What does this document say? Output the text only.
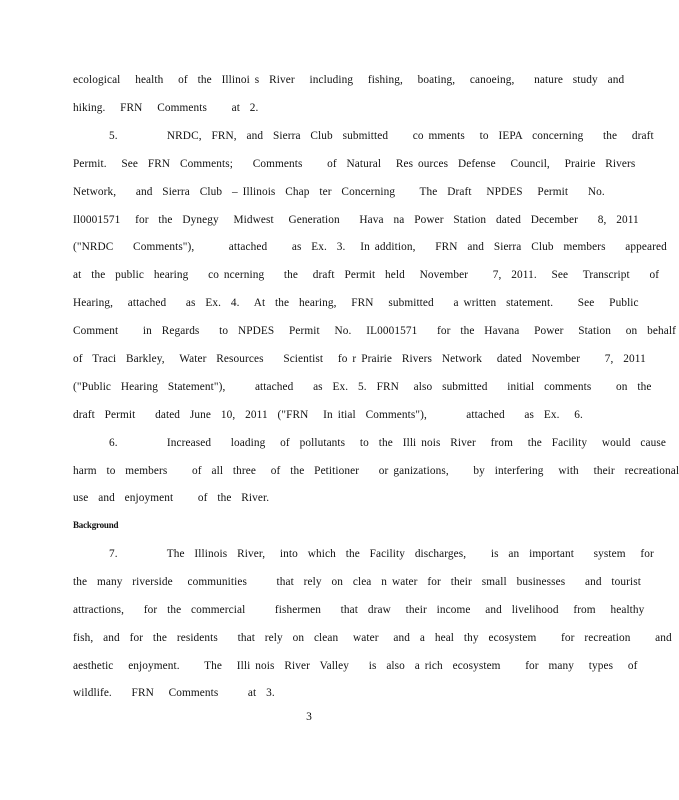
ecological   health   of  the  Illinoi s  River   including   fishing,   boating,   canoeing,    nature  study  and
hiking.   FRN   Comments     at  2.
5.          NRDC,  FRN,  and  Sierra  Club  submitted     co mments   to  IEPA  concerning    the   draft
Permit.   See  FRN  Comments;    Comments     of  Natural   Res ources  Defense   Council,   Prairie  Rivers
Network,    and  Sierra  Club  – Illinois  Chap  ter  Concerning     The  Draft   NPDES   Permit    No.
Il0001571   for  the  Dynegy   Midwest   Generation    Hava  na  Power  Station  dated  December    8,  2011
("NRDC    Comments"),       attached     as  Ex.  3.   In addition,    FRN  and  Sierra  Club  members    appeared
at  the  public  hearing    co ncerning    the   draft  Permit  held   November     7,  2011.   See   Transcript    of
Hearing,   attached    as  Ex.  4.   At  the  hearing,   FRN   submitted    a written  statement.     See   Public
Comment     in  Regards    to  NPDES   Permit   No.   IL0001571    for  the  Havana   Power   Station   on  behalf
of  Traci  Barkley,   Water  Resources    Scientist   fo r Prairie  Rivers  Network   dated  November     7,  2011
("Public  Hearing  Statement"),      attached    as  Ex.  5.  FRN   also  submitted    initial  comments     on  the
draft  Permit    dated  June  10,  2011  ("FRN   In itial  Comments"),        attached    as  Ex.   6.
6.          Increased    loading   of  pollutants   to  the  Illi nois  River   from   the  Facility   would  cause
harm  to  members     of  all  three   of  the  Petitioner    or ganizations,     by  interfering   with   their  recreational
use  and  enjoyment     of  the  River.
Background
7.          The  Illinois  River,   into  which  the  Facility  discharges,     is  an  important    system   for
the  many  riverside   communities      that  rely  on  clea  n water  for  their  small  businesses    and  tourist
attractions,    for  the  commercial      fishermen    that  draw   their  income   and  livelihood   from   healthy
fish,  and  for  the  residents    that  rely  on  clean   water   and  a  heal  thy  ecosystem     for  recreation     and
aesthetic   enjoyment.     The   Illi nois  River  Valley    is  also  a rich  ecosystem     for  many   types   of
wildlife.    FRN   Comments      at  3.
3
